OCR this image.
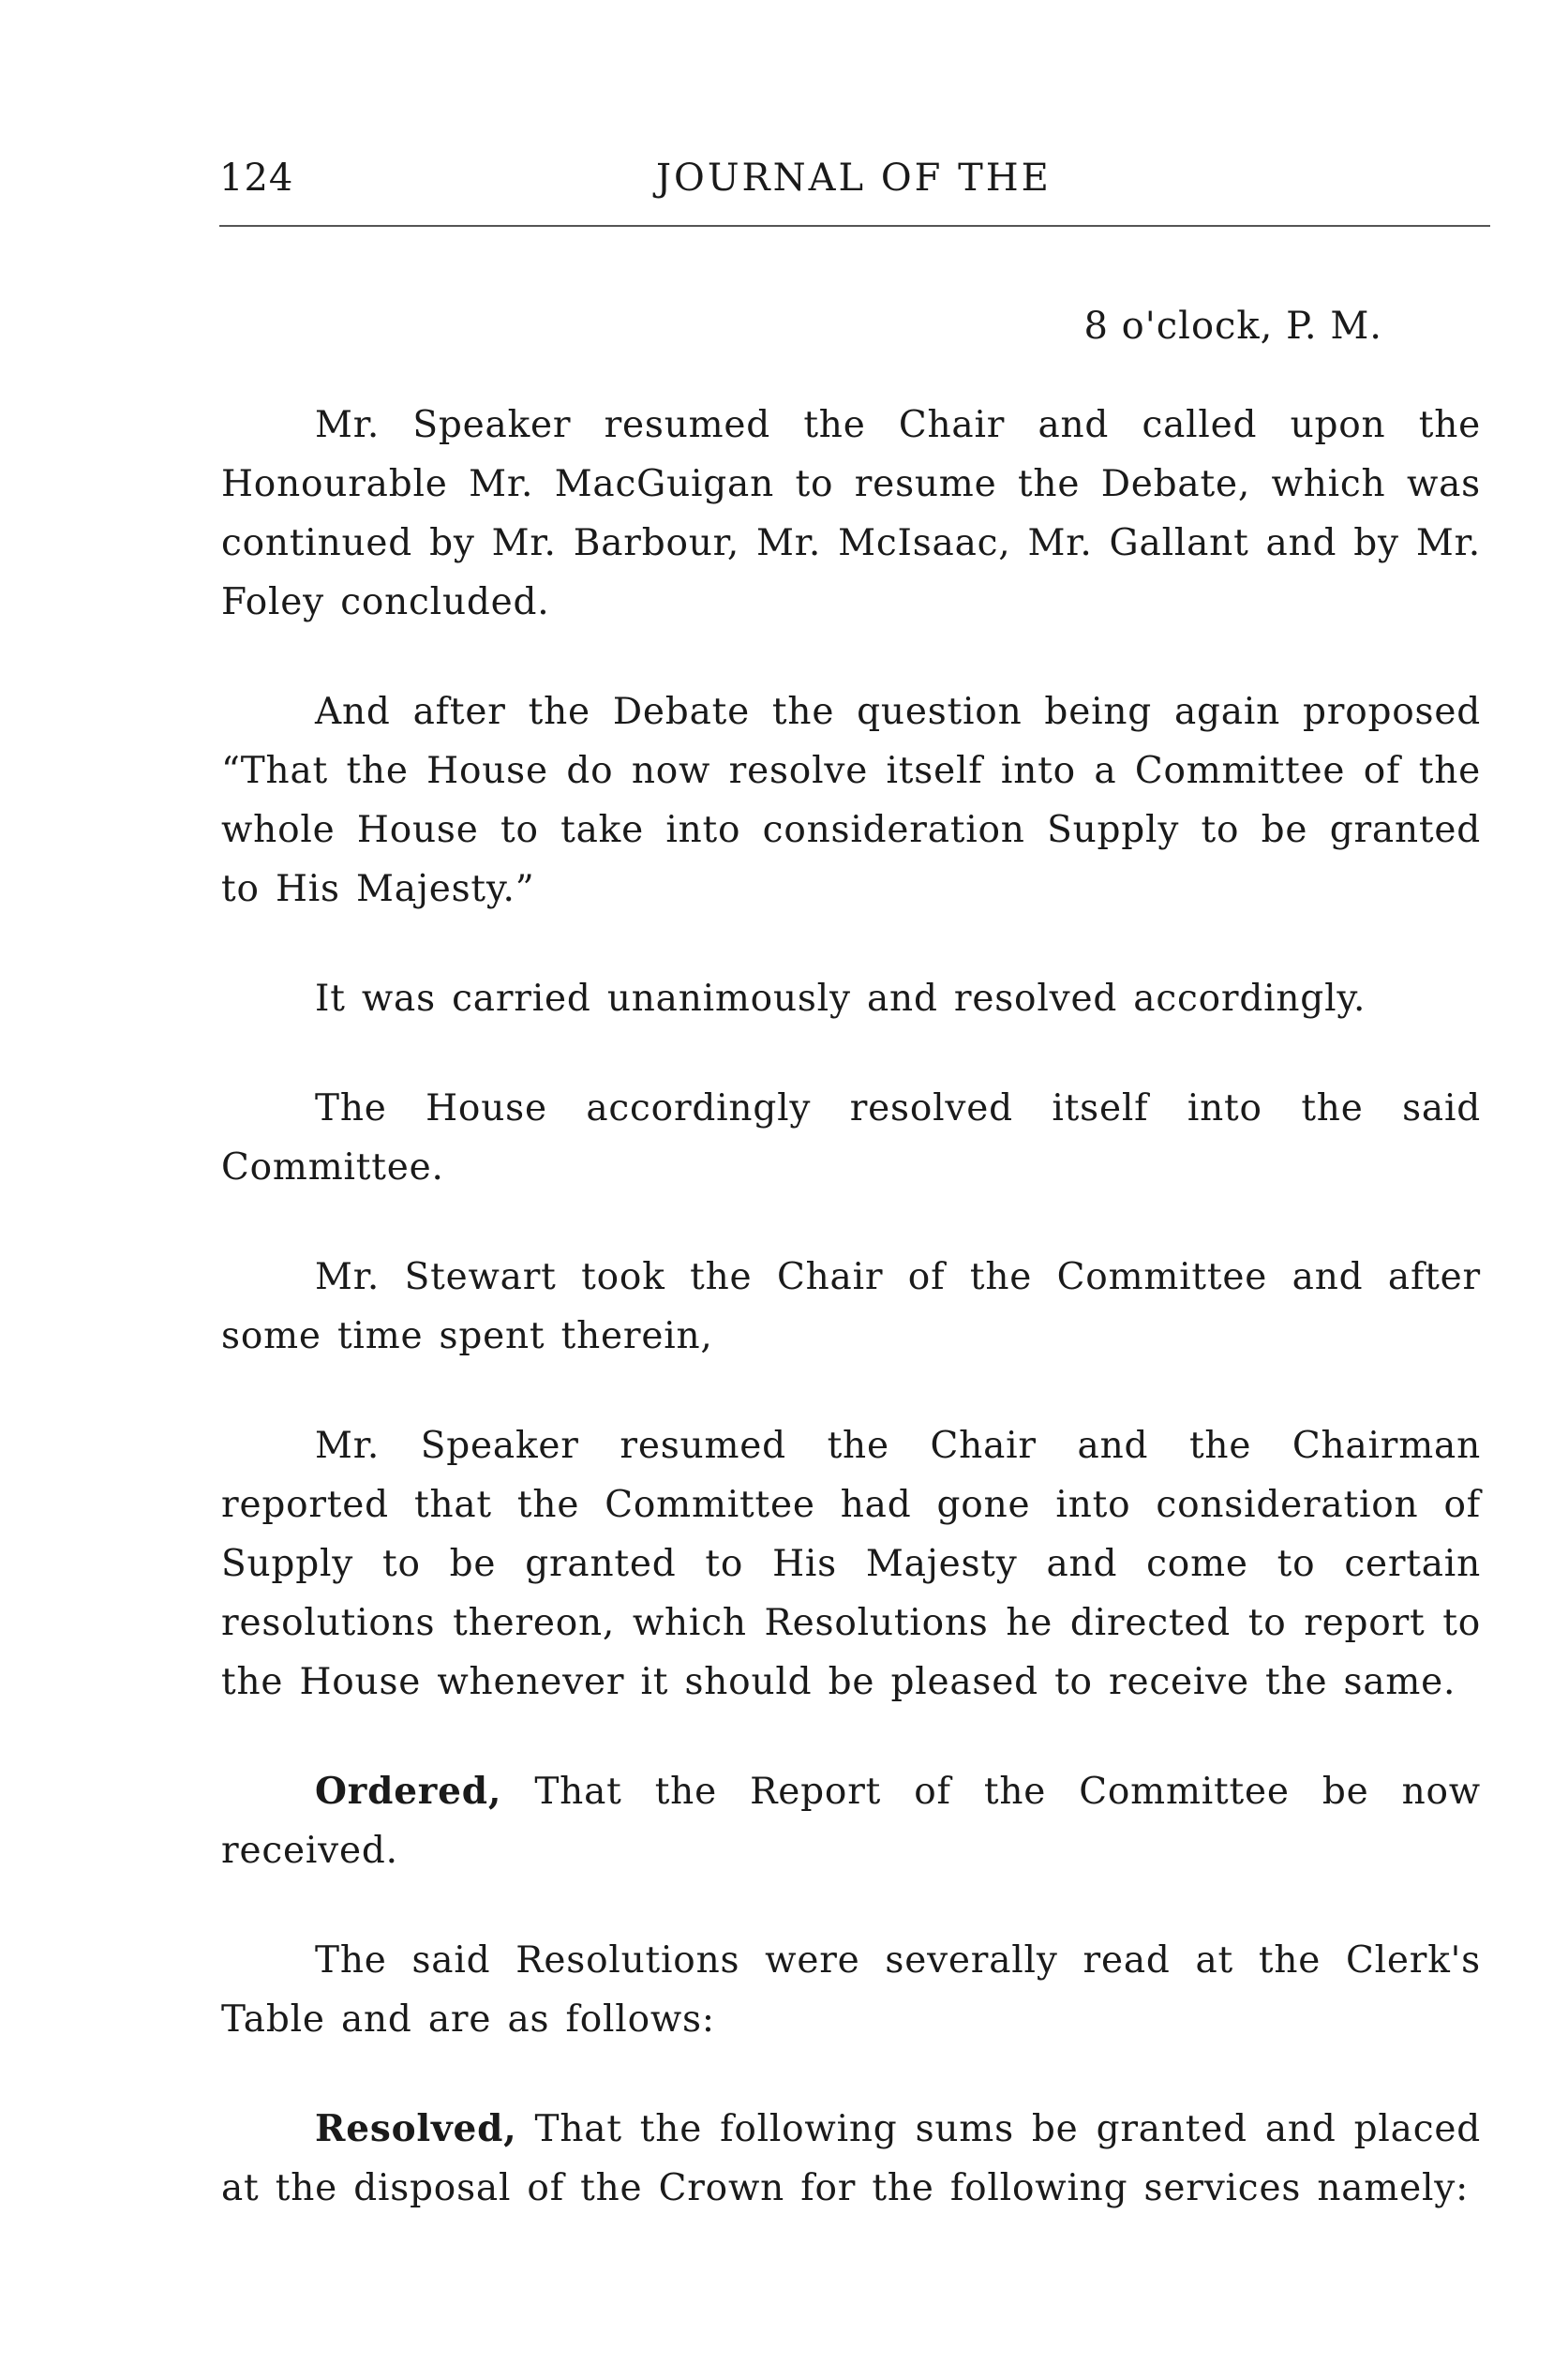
124	JOURNAL OF THE
8 o'clock, P. M.

Mr. Speaker resumed the Chair and called upon the Honourable Mr. MacGuigan to resume the Debate, which was continued by Mr. Barbour, Mr. McIsaac, Mr. Gallant and by Mr. Foley concluded.

And after the Debate the question being again proposed “That the House do now resolve itself into a Committee of the whole House to take into consideration Supply to be granted to His Majesty.”

It was carried unanimously and resolved accordingly.

The House accordingly resolved itself into the said Committee.

Mr. Stewart took the Chair of the Committee and after some time spent therein,

Mr. Speaker resumed the Chair and the Chairman reported that the Committee had gone into consideration of Supply to be granted to His Majesty and come to certain resolutions thereon, which Resolutions he directed to report to the House whenever it should be pleased to receive the same.

Ordered, That the Report of the Committee be now received.

The said Resolutions were severally read at the Clerk's Table and are as follows:

Resolved, That the following sums be granted and placed at the disposal of the Crown for the following services namely:
